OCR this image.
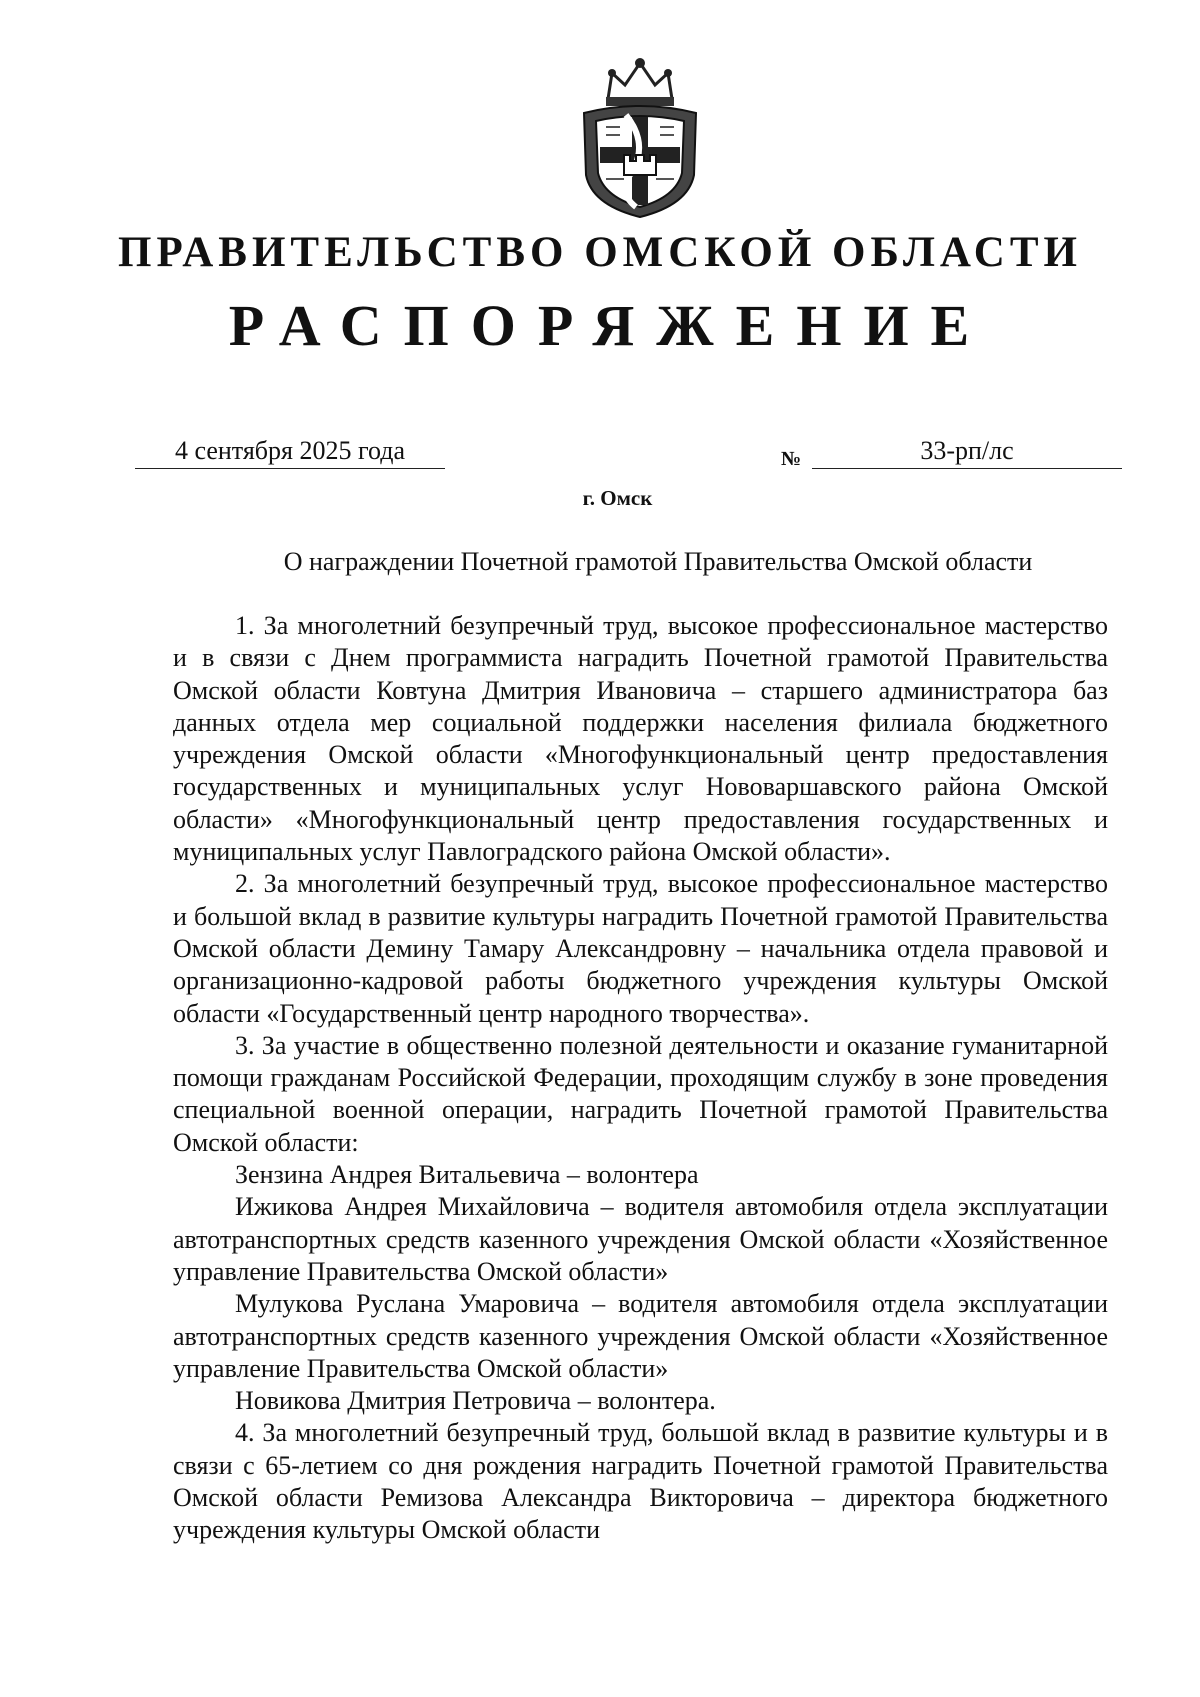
ПРАВИТЕЛЬСТВО ОМСКОЙ ОБЛАСТИ
РАСПОРЯЖЕНИЕ
4 сентября 2025 года	№	33-рп/лс
г. Омск
О награждении Почетной грамотой Правительства Омской области

1. За многолетний безупречный труд, высокое профессиональное мастерство и в связи с Днем программиста наградить Почетной грамотой Правительства Омской области Ковтуна Дмитрия Ивановича – старшего администратора баз данных отдела мер социальной поддержки населения филиала бюджетного учреждения Омской области «Многофункциональный центр предоставления государственных и муниципальных услуг Нововаршавского района Омской области» «Многофункциональный центр предоставления государственных и муниципальных услуг Павлоградского района Омской области».

2. За многолетний безупречный труд, высокое профессиональное мастерство и большой вклад в развитие культуры наградить Почетной грамотой Правительства Омской области Демину Тамару Александровну – начальника отдела правовой и организационно-кадровой работы бюджетного учреждения культуры Омской области «Государственный центр народного творчества».

3. За участие в общественно полезной деятельности и оказание гуманитарной помощи гражданам Российской Федерации, проходящим службу в зоне проведения специальной военной операции, наградить Почетной грамотой Правительства Омской области:

Зензина Андрея Витальевича – волонтера

Ижикова Андрея Михайловича – водителя автомобиля отдела эксплуатации автотранспортных средств казенного учреждения Омской области «Хозяйственное управление Правительства Омской области»

Мулукова Руслана Умаровича – водителя автомобиля отдела эксплуатации автотранспортных средств казенного учреждения Омской области «Хозяйственное управление Правительства Омской области»

Новикова Дмитрия Петровича – волонтера.

4. За многолетний безупречный труд, большой вклад в развитие культуры и в связи с 65-летием со дня рождения наградить Почетной грамотой Правительства Омской области Ремизова Александра Викторовича – директора бюджетного учреждения культуры Омской области
